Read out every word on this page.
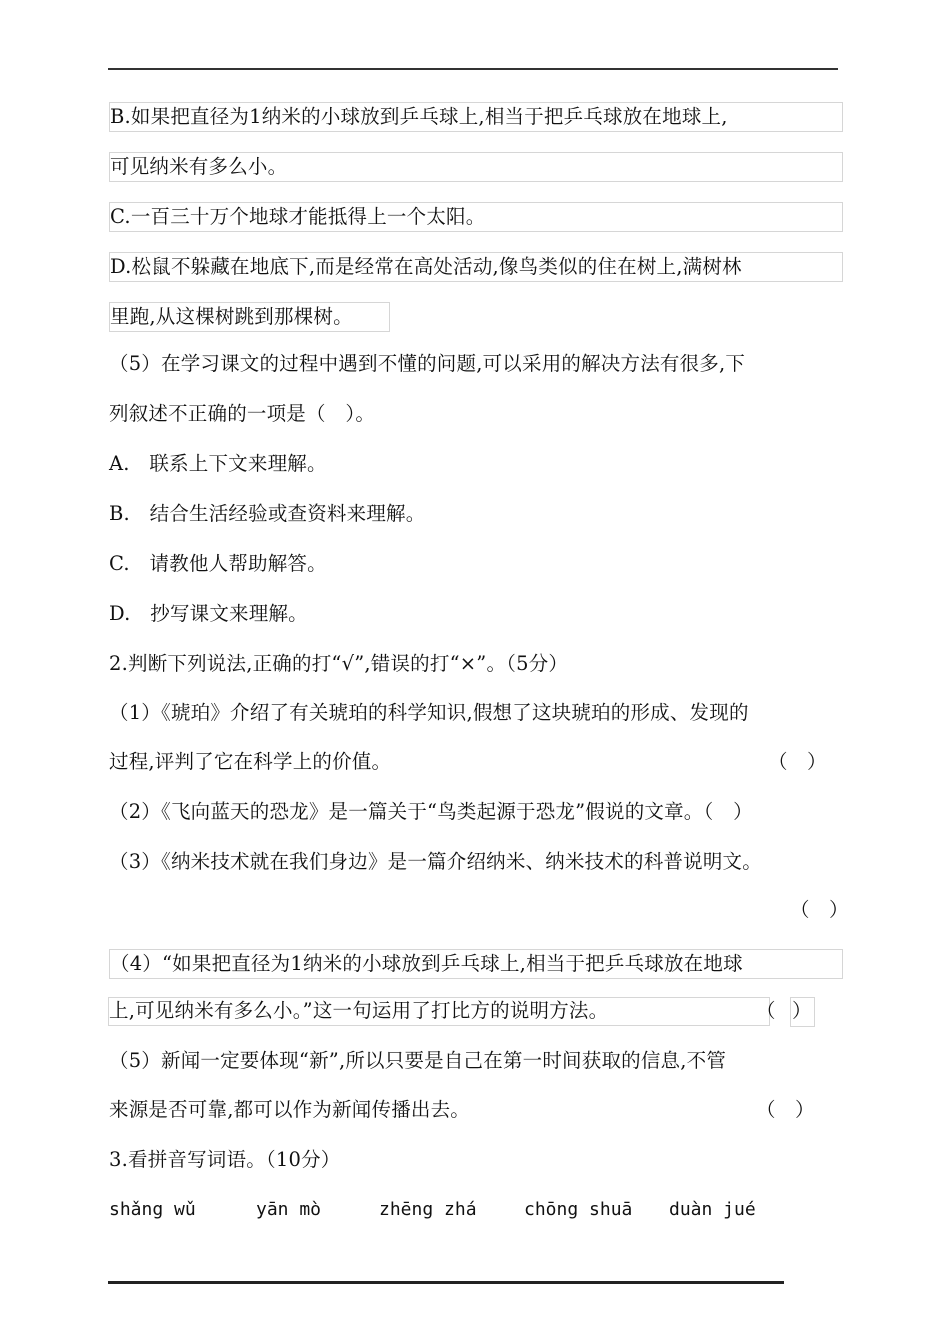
B.如果把直径为1纳米的小球放到乒乓球上,相当于把乒乓球放在地球上,
可见纳米有多么小。
C.一百三十万个地球才能抵得上一个太阳。
D.松鼠不躲藏在地底下,而是经常在高处活动,像鸟类似的住在树上,满树林
里跑,从这棵树跳到那棵树。
（5）在学习课文的过程中遇到不懂的问题,可以采用的解决方法有很多,下
列叙述不正确的一项是（　）。
A.　联系上下文来理解。
B.　结合生活经验或查资料来理解。
C.　请教他人帮助解答。
D.　抄写课文来理解。
2.判断下列说法,正确的打“√”,错误的打“×”。（5分）
（1）《琥珀》介绍了有关琥珀的科学知识,假想了这块琥珀的形成、发现的
过程,评判了它在科学上的价值。	（　）
（2）《飞向蓝天的恐龙》是一篇关于“鸟类起源于恐龙”假说的文章。（　）
（3）《纳米技术就在我们身边》是一篇介绍纳米、纳米技术的科普说明文。
（　）
（4）“如果把直径为1纳米的小球放到乒乓球上,相当于把乒乓球放在地球
上,可见纳米有多么小。”这一句运用了打比方的说明方法。	（ ）
（5）新闻一定要体现“新”,所以只要是自己在第一时间获取的信息,不管
来源是否可靠,都可以作为新闻传播出去。	（　）
3.看拼音写词语。（10分）
shǎng wǔ	yān mò	zhēng zhá	chōng shuā duàn jué
